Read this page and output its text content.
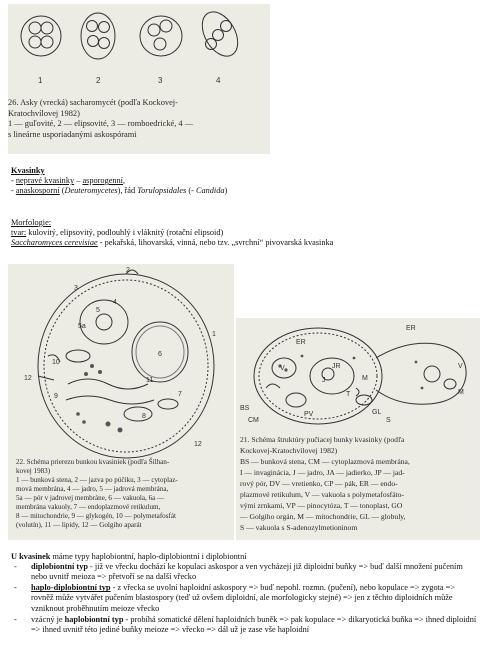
1	2	3	4
26. Asky (vrecká) sacharomycét (podľa Kockovej-
Kratochvílovej 1982)
1 — guľovité, 2 — elipsovité, 3 — romboedrické, 4 —
s lineárne usporiadanými askospórami
Kvasinky
- nepravé kvasinky – asporogenní,
- anaskosporní (Deuteromycetes), řád Torulopsidales (- Candida)
Morfologie:
tvar: kulovitý, elipsovitý, podlouhlý i vláknitý (rotační elipsoid)
Saccharomyces cerevisiae - pekařská, lihovarská, vinná, nebo tzv. „svrchní“ pivovarská kvasinka
1
2
3
4
5
5a
6
7
8
9
10
11
12
12
22. Schéma prierezu bunkou kvasiniek (podľa Šilhan-
kovej 1983)
1 — bunková stena, 2 — jazva po púčiku, 3 — cytoplaz-
mová membrána, 4 — jadro, 5 — jadrová membrána,
5a — pór v jadrovej membráne, 6 — vakuola, 6a —
membrána vakuoly, 7 — endoplazmové retikulum,
8 — mitochondrie, 9 — glykogén, 10 — polymetafosfát
(volutín), 11 — lipidy, 12 — Golgiho aparát
ER
V
M
BS
CM
JR
J
T
PV	GL
S
ER
V
M
21. Schéma štruktúry pučiacej bunky kvasinky (podľa
Kockovej-Kratochvílovej 1982)
BS — bunková stena, CM — cytoplazmová membrána,
I — invaginácia, J — jadro, JA — jadierko, JP — jad-
rový pór, DV — vretienko, CP — pák, ER — endo-
plazmové retikulum, V — vakuola s polymetafosfáto-
vými zrnkami, VP — pinocytóza, T — tonoplast, GO
— Golgiho orgán, M — mitochondrie, GL — globuly,
S — vakuola s S-adenozylmetioninom
U kvasinek máme typy haplobiontní, haplo-diplobiontní i diplobiontní
- diplobiontní typ - již ve vřecku dochází ke kopulaci askospor a ven vycházejí již diploidní buňky => buď další množení pučením nebo uvnitř meioza => přetvoří se na další vřecko
- haplo-diplobiontní typ - z vřecka se uvolní haploidní askospory => buď nepohl. rozmn. (pučení), nebo kopulace => zygota => rovněž může vytvářet pučením blastospory (teď už ovšem diploidní, ale morfologicky stejné) => jen z těchto diploidních může vzniknout proběhnutím meioze vřecko
- vzácný je haplobiontní typ - probíhá somatické dělení haploidních buněk => pak kopulace => dikaryotická buňka => ihned diploidní => ihned uvnitř této jediné buňky meioze => vřecko => dál už je zase vše haploidní
